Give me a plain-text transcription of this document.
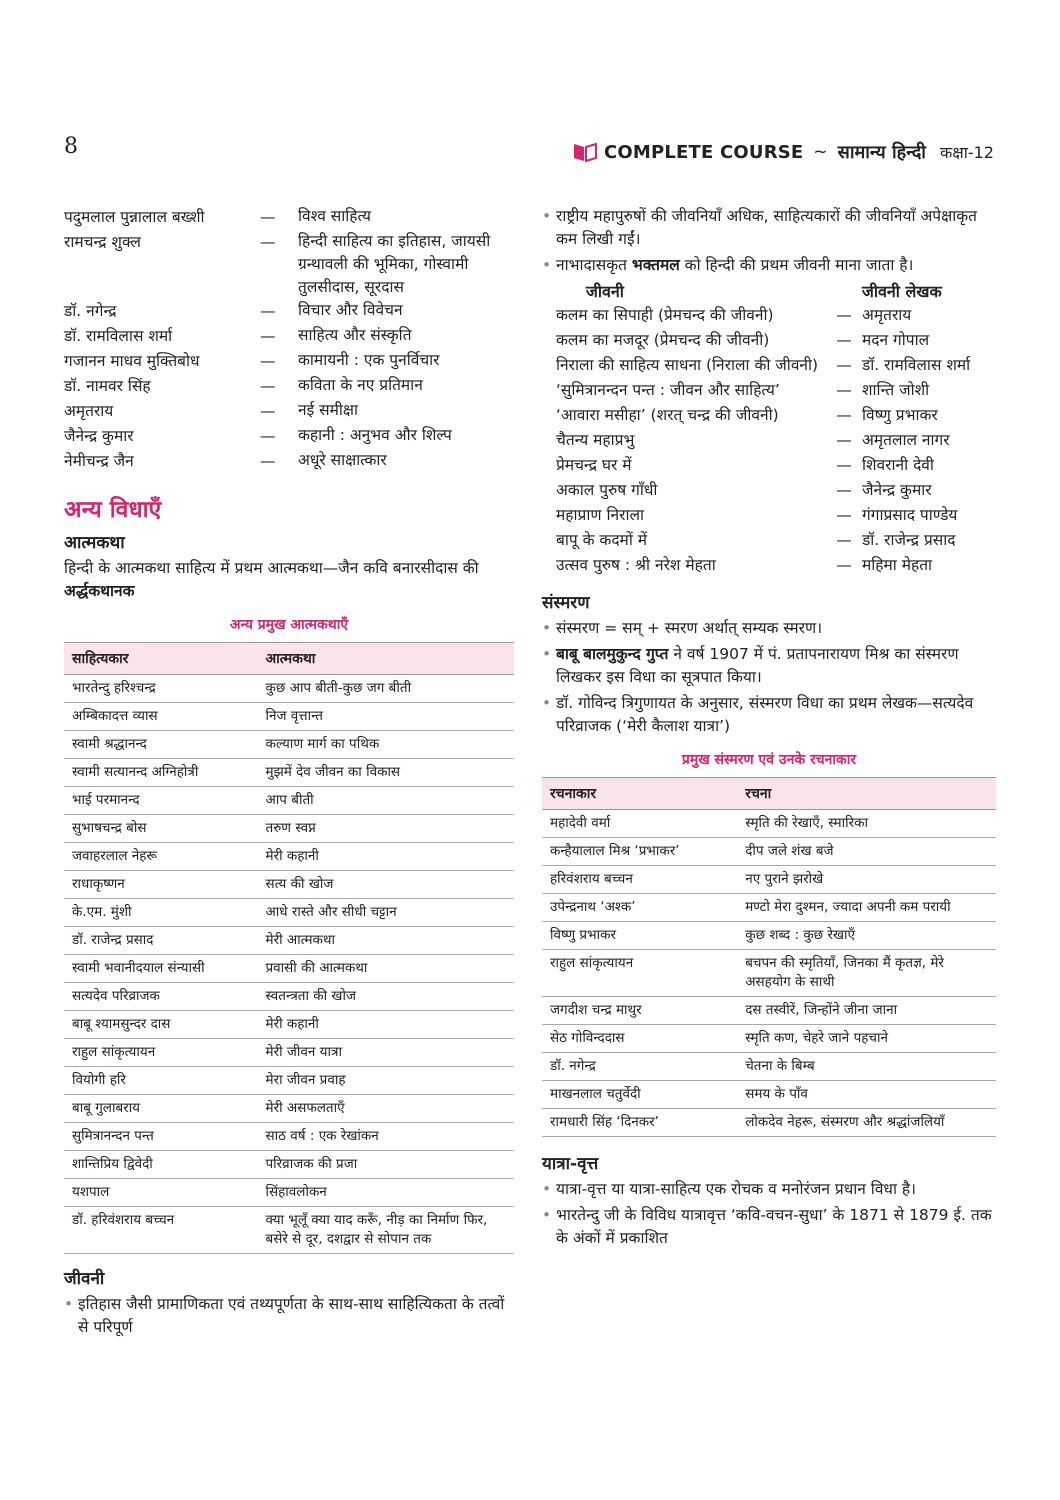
8	COMPLETE COURSE ~ सामान्य हिन्दी कक्षा-12
पदुमलाल पुन्नालाल बख्शी	—	विश्व साहित्य
रामचन्द्र शुक्ल	—	हिन्दी साहित्य का इतिहास, जायसी ग्रन्थावली की भूमिका, गोस्वामी तुलसीदास, सूरदास
डॉ. नगेन्द्र	—	विचार और विवेचन
डॉ. रामविलास शर्मा	—	साहित्य और संस्कृति
गजानन माधव मुक्तिबोध	—	कामायनी : एक पुनर्विचार
डॉ. नामवर सिंह	—	कविता के नए प्रतिमान
अमृतराय	—	नई समीक्षा
जैनेन्द्र कुमार	—	कहानी : अनुभव और शिल्प
नेमीचन्द्र जैन	—	अधूरे साक्षात्कार
अन्य विधाएँ
आत्मकथा
हिन्दी के आत्मकथा साहित्य में प्रथम आत्मकथा—जैन कवि बनारसीदास की अर्द्धकथानक
अन्य प्रमुख आत्मकथाएँ
साहित्यकार	आत्मकथा
भारतेन्दु हरिश्चन्द्र	कुछ आप बीती-कुछ जग बीती
अम्बिकादत्त व्यास	निज वृत्तान्त
स्वामी श्रद्धानन्द	कल्याण मार्ग का पथिक
स्वामी सत्यानन्द अग्निहोत्री	मुझमें देव जीवन का विकास
भाई परमानन्द	आप बीती
सुभाषचन्द्र बोस	तरुण स्वप्न
जवाहरलाल नेहरू	मेरी कहानी
राधाकृष्णन	सत्य की खोज
के.एम. मुंशी	आधे रास्ते और सीधी चट्टान
डॉ. राजेन्द्र प्रसाद	मेरी आत्मकथा
स्वामी भवानीदयाल संन्यासी	प्रवासी की आत्मकथा
सत्यदेव परिव्राजक	स्वतन्त्रता की खोज
बाबू श्यामसुन्दर दास	मेरी कहानी
राहुल सांकृत्यायन	मेरी जीवन यात्रा
वियोगी हरि	मेरा जीवन प्रवाह
बाबू गुलाबराय	मेरी असफलताएँ
सुमित्रानन्दन पन्त	साठ वर्ष : एक रेखांकन
शान्तिप्रिय द्विवेदी	परिव्राजक की प्रजा
यशपाल	सिंहावलोकन
डॉ. हरिवंशराय बच्चन	क्या भूलूँ क्या याद करूँ, नीड़ का निर्माण फिर, बसेरे से दूर, दशद्वार से सोपान तक
जीवनी
• इतिहास जैसी प्रामाणिकता एवं तथ्यपूर्णता के साथ-साथ साहित्यिकता के तत्वों से परिपूर्ण
• राष्ट्रीय महापुरुषों की जीवनियाँ अधिक, साहित्यकारों की जीवनियाँ अपेक्षाकृत कम लिखी गईं।
• नाभादासकृत भक्तमल को हिन्दी की प्रथम जीवनी माना जाता है।
जीवनी	जीवनी लेखक
कलम का सिपाही (प्रेमचन्द की जीवनी)	— अमृतराय
कलम का मजदूर (प्रेमचन्द की जीवनी)	— मदन गोपाल
निराला की साहित्य साधना (निराला की जीवनी)	— डॉ. रामविलास शर्मा
‘सुमित्रानन्दन पन्त : जीवन और साहित्य’	— शान्ति जोशी
‘आवारा मसीहा’ (शरत् चन्द्र की जीवनी)	— विष्णु प्रभाकर
चैतन्य महाप्रभु	— अमृतलाल नागर
प्रेमचन्द्र घर में	— शिवरानी देवी
अकाल पुरुष गाँधी	— जैनेन्द्र कुमार
महाप्राण निराला	— गंगाप्रसाद पाण्डेय
बापू के कदमों में	— डॉ. राजेन्द्र प्रसाद
उत्सव पुरुष : श्री नरेश मेहता	— महिमा मेहता
संस्मरण
• संस्मरण = सम् + स्मरण अर्थात् सम्यक स्मरण।
• बाबू बालमुकुन्द गुप्त ने वर्ष 1907 में पं. प्रतापनारायण मिश्र का संस्मरण लिखकर इस विधा का सूत्रपात किया।
• डॉ. गोविन्द त्रिगुणायत के अनुसार, संस्मरण विधा का प्रथम लेखक—सत्यदेव परिव्राजक (‘मेरी कैलाश यात्रा’)
प्रमुख संस्मरण एवं उनके रचनाकार
रचनाकार	रचना
महादेवी वर्मा	स्मृति की रेखाएँ, स्मारिका
कन्हैयालाल मिश्र ‘प्रभाकर’	दीप जले शंख बजे
हरिवंशराय बच्चन	नए पुराने झरोखे
उपेन्द्रनाथ ‘अश्क’	मण्टो मेरा दुश्मन, ज्यादा अपनी कम परायी
विष्णु प्रभाकर	कुछ शब्द : कुछ रेखाएँ
राहुल सांकृत्यायन	बचपन की स्मृतियाँ, जिनका मैं कृतज्ञ, मेरे असहयोग के साथी
जगदीश चन्द्र माथुर	दस तस्वीरें, जिन्होंने जीना जाना
सेठ गोविन्ददास	स्मृति कण, चेहरे जाने पहचाने
डॉ. नगेन्द्र	चेतना के बिम्ब
माखनलाल चतुर्वेदी	समय के पाँव
रामधारी सिंह ‘दिनकर’	लोकदेव नेहरू, संस्मरण और श्रद्धांजलियाँ
यात्रा-वृत्त
• यात्रा-वृत्त या यात्रा-साहित्य एक रोचक व मनोरंजन प्रधान विधा है।
• भारतेन्दु जी के विविध यात्रावृत्त ‘कवि-वचन-सुधा’ के 1871 से 1879 ई. तक के अंकों में प्रकाशित
